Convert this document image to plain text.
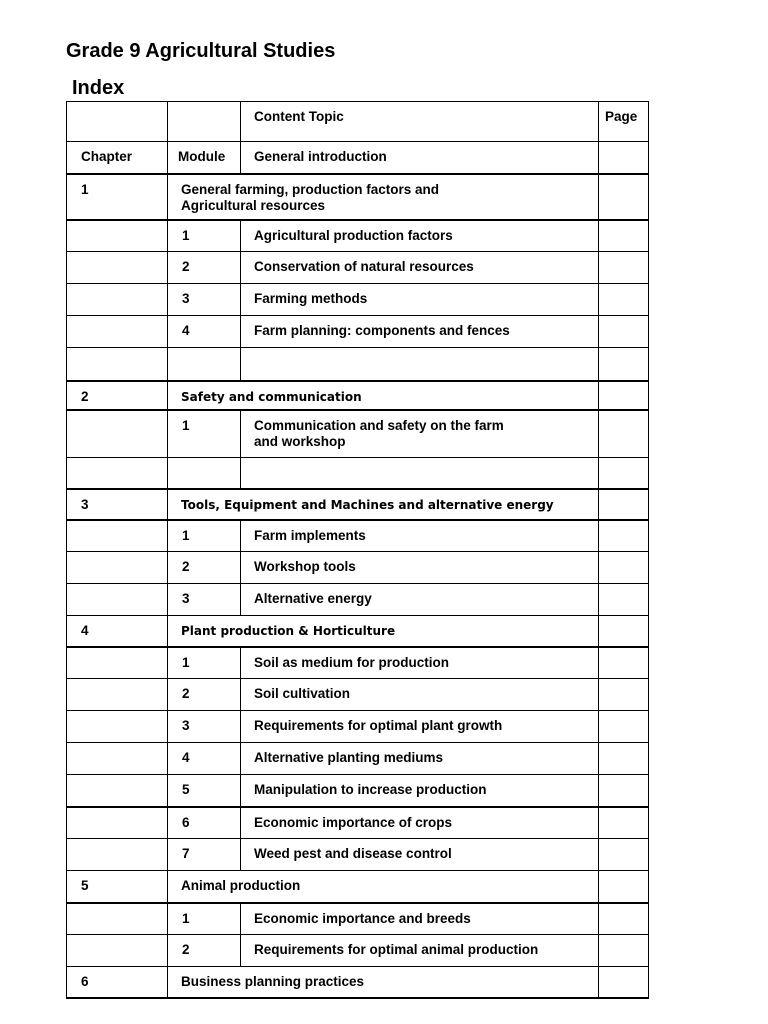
Grade 9 Agricultural Studies
Index

		Content Topic	Page

Chapter	Module	General introduction	

1	General farming, production factors and
Agricultural resources		

	1	Agricultural production factors	

	2	Conservation of natural resources	

	3	Farming methods	

	4	Farm planning: components and fences	

2	Safety and communication		

	1	Communication and safety on the farm
and workshop	

3	Tools, Equipment and Machines and alternative energy		

	1	Farm implements	

	2	Workshop tools	

	3	Alternative energy	

4	Plant production & Horticulture		

	1	Soil as medium for production	

	2	Soil cultivation	

	3	Requirements for optimal plant growth	

	4	Alternative planting mediums	

	5	Manipulation to increase production	

	6	Economic importance of crops	

	7	Weed pest and disease control	

5	Animal production		

	1	Economic importance and breeds	

	2	Requirements for optimal animal production	

6	Business planning practices		
